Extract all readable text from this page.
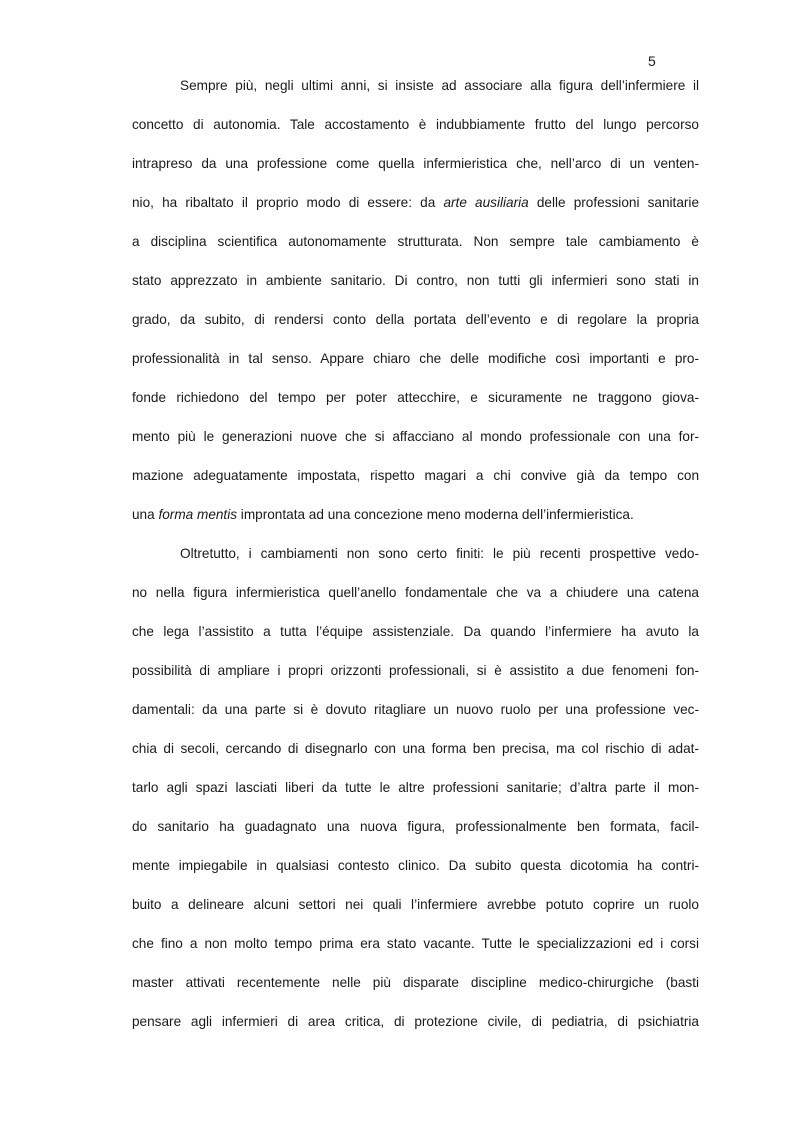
5
Sempre più, negli ultimi anni, si insiste ad associare alla figura dell’infermiere il
concetto di autonomia. Tale accostamento è indubbiamente frutto del lungo percorso
intrapreso da una professione come quella infermieristica che, nell’arco di un venten-
nio, ha ribaltato il proprio modo di essere: da arte ausiliaria delle professioni sanitarie
a disciplina scientifica autonomamente strutturata. Non sempre tale cambiamento è
stato apprezzato in ambiente sanitario. Di contro, non tutti gli infermieri sono stati in
grado, da subito, di rendersi conto della portata dell’evento e di regolare la propria
professionalità in tal senso. Appare chiaro che delle modifiche così importanti e pro-
fonde richiedono del tempo per poter attecchire, e sicuramente ne traggono giova-
mento più le generazioni nuove che si affacciano al mondo professionale con una for-
mazione adeguatamente impostata, rispetto magari a chi convive già da tempo con
una forma mentis improntata ad una concezione meno moderna dell’infermieristica.
Oltretutto, i cambiamenti non sono certo finiti: le più recenti prospettive vedo-
no nella figura infermieristica quell’anello fondamentale che va a chiudere una catena
che lega l’assistito a tutta l’équipe assistenziale. Da quando l’infermiere ha avuto la
possibilità di ampliare i propri orizzonti professionali, si è assistito a due fenomeni fon-
damentali: da una parte si è dovuto ritagliare un nuovo ruolo per una professione vec-
chia di secoli, cercando di disegnarlo con una forma ben precisa, ma col rischio di adat-
tarlo agli spazi lasciati liberi da tutte le altre professioni sanitarie; d’altra parte il mon-
do sanitario ha guadagnato una nuova figura, professionalmente ben formata, facil-
mente impiegabile in qualsiasi contesto clinico. Da subito questa dicotomia ha contri-
buito a delineare alcuni settori nei quali l’infermiere avrebbe potuto coprire un ruolo
che fino a non molto tempo prima era stato vacante. Tutte le specializzazioni ed i corsi
master attivati recentemente nelle più disparate discipline medico-chirurgiche (basti
pensare agli infermieri di area critica, di protezione civile, di pediatria, di psichiatria
